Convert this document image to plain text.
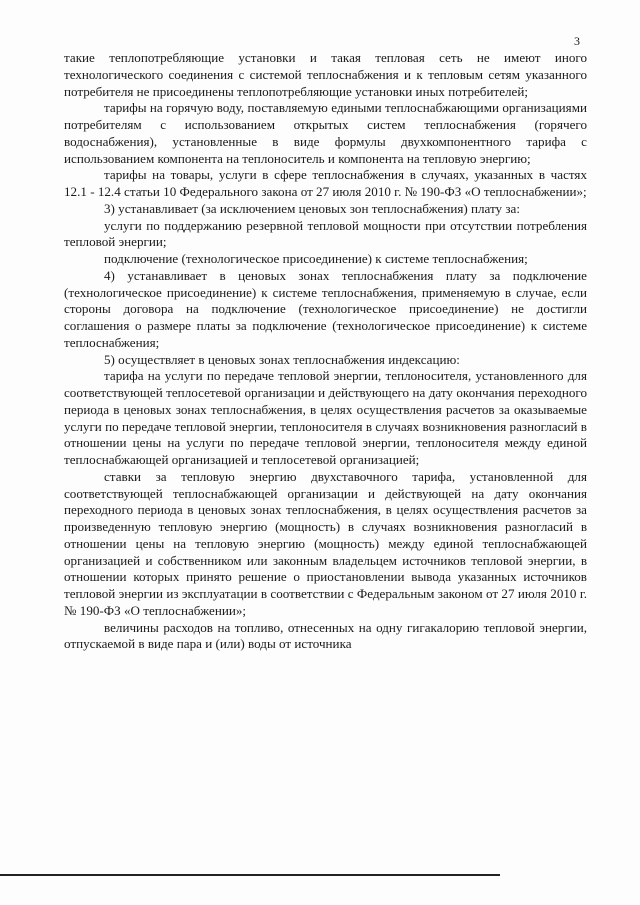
3

такие теплопотребляющие установки и такая тепловая сеть не имеют иного технологического соединения с системой теплоснабжения и к тепловым сетям указанного потребителя не присоединены теплопотребляющие установки иных потребителей;

тарифы на горячую воду, поставляемую едиными теплоснабжающими организациями потребителям с использованием открытых систем теплоснабжения (горячего водоснабжения), установленные в виде формулы двухкомпонентного тарифа с использованием компонента на теплоноситель и компонента на тепловую энергию;

тарифы на товары, услуги в сфере теплоснабжения в случаях, указанных в частях 12.1 - 12.4 статьи 10 Федерального закона от 27 июля 2010 г. № 190-ФЗ «О теплоснабжении»;

3) устанавливает (за исключением ценовых зон теплоснабжения) плату за:

услуги по поддержанию резервной тепловой мощности при отсутствии потребления тепловой энергии;

подключение (технологическое присоединение) к системе теплоснабжения;

4) устанавливает в ценовых зонах теплоснабжения плату за подключение (технологическое присоединение) к системе теплоснабжения, применяемую в случае, если стороны договора на подключение (технологическое присоединение) не достигли соглашения о размере платы за подключение (технологическое присоединение) к системе теплоснабжения;

5) осуществляет в ценовых зонах теплоснабжения индексацию:

тарифа на услуги по передаче тепловой энергии, теплоносителя, установленного для соответствующей теплосетевой организации и действующего на дату окончания переходного периода в ценовых зонах теплоснабжения, в целях осуществления расчетов за оказываемые услуги по передаче тепловой энергии, теплоносителя в случаях возникновения разногласий в отношении цены на услуги по передаче тепловой энергии, теплоносителя между единой теплоснабжающей организацией и теплосетевой организацией;

ставки за тепловую энергию двухставочного тарифа, установленной для соответствующей теплоснабжающей организации и действующей на дату окончания переходного периода в ценовых зонах теплоснабжения, в целях осуществления расчетов за произведенную тепловую энергию (мощность) в случаях возникновения разногласий в отношении цены на тепловую энергию (мощность) между единой теплоснабжающей организацией и собственником или законным владельцем источников тепловой энергии, в отношении которых принято решение о приостановлении вывода указанных источников тепловой энергии из эксплуатации в соответствии с Федеральным законом от 27 июля 2010 г. № 190-ФЗ «О теплоснабжении»;

величины расходов на топливо, отнесенных на одну гигакалорию тепловой энергии, отпускаемой в виде пара и (или) воды от источника
